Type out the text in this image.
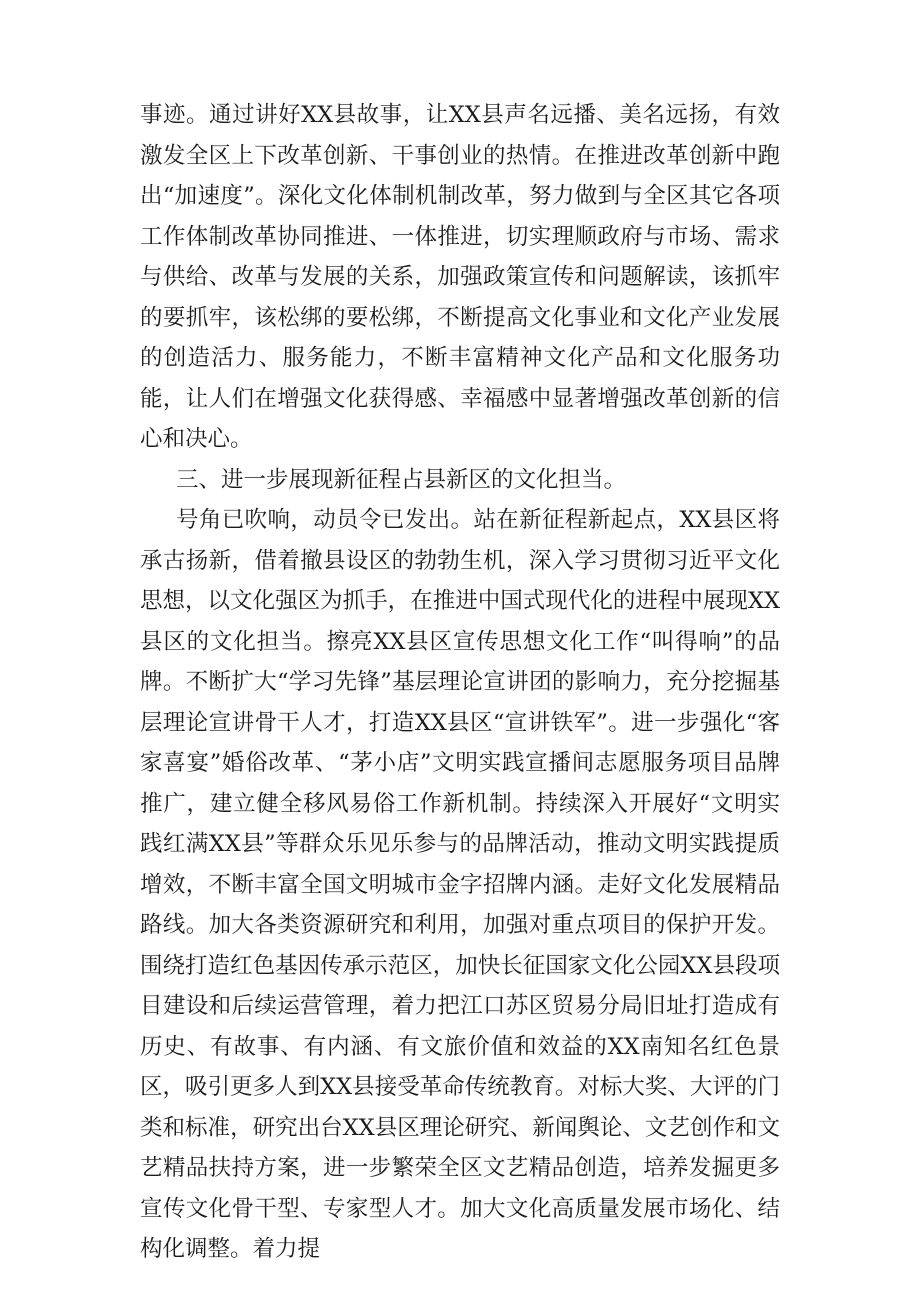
事迹。通过讲好XX县故事，让XX县声名远播、美名远扬，有效激发全区上下改革创新、干事创业的热情。在推进改革创新中跑出“加速度”。深化文化体制机制改革，努力做到与全区其它各项工作体制改革协同推进、一体推进，切实理顺政府与市场、需求与供给、改革与发展的关系，加强政策宣传和问题解读，该抓牢的要抓牢，该松绑的要松绑，不断提高文化事业和文化产业发展的创造活力、服务能力，不断丰富精神文化产品和文化服务功能，让人们在增强文化获得感、幸福感中显著增强改革创新的信心和决心。

三、进一步展现新征程占县新区的文化担当。

号角已吹响，动员令已发出。站在新征程新起点，XX县区将承古扬新，借着撤县设区的勃勃生机，深入学习贯彻习近平文化思想，以文化强区为抓手，在推进中国式现代化的进程中展现XX县区的文化担当。擦亮XX县区宣传思想文化工作“叫得响”的品牌。不断扩大“学习先锋”基层理论宣讲团的影响力，充分挖掘基层理论宣讲骨干人才，打造XX县区“宣讲铁军”。进一步强化“客家喜宴”婚俗改革、“茅小店”文明实践宣播间志愿服务项目品牌推广，建立健全移风易俗工作新机制。持续深入开展好“文明实践红满XX县”等群众乐见乐参与的品牌活动，推动文明实践提质增效，不断丰富全国文明城市金字招牌内涵。走好文化发展精品路线。加大各类资源研究和利用，加强对重点项目的保护开发。围绕打造红色基因传承示范区，加快长征国家文化公园XX县段项目建设和后续运营管理，着力把江口苏区贸易分局旧址打造成有历史、有故事、有内涵、有文旅价值和效益的XX南知名红色景区，吸引更多人到XX县接受革命传统教育。对标大奖、大评的门类和标准，研究出台XX县区理论研究、新闻舆论、文艺创作和文艺精品扶持方案，进一步繁荣全区文艺精品创造，培养发掘更多宣传文化骨干型、专家型人才。加大文化高质量发展市场化、结构化调整。着力提
